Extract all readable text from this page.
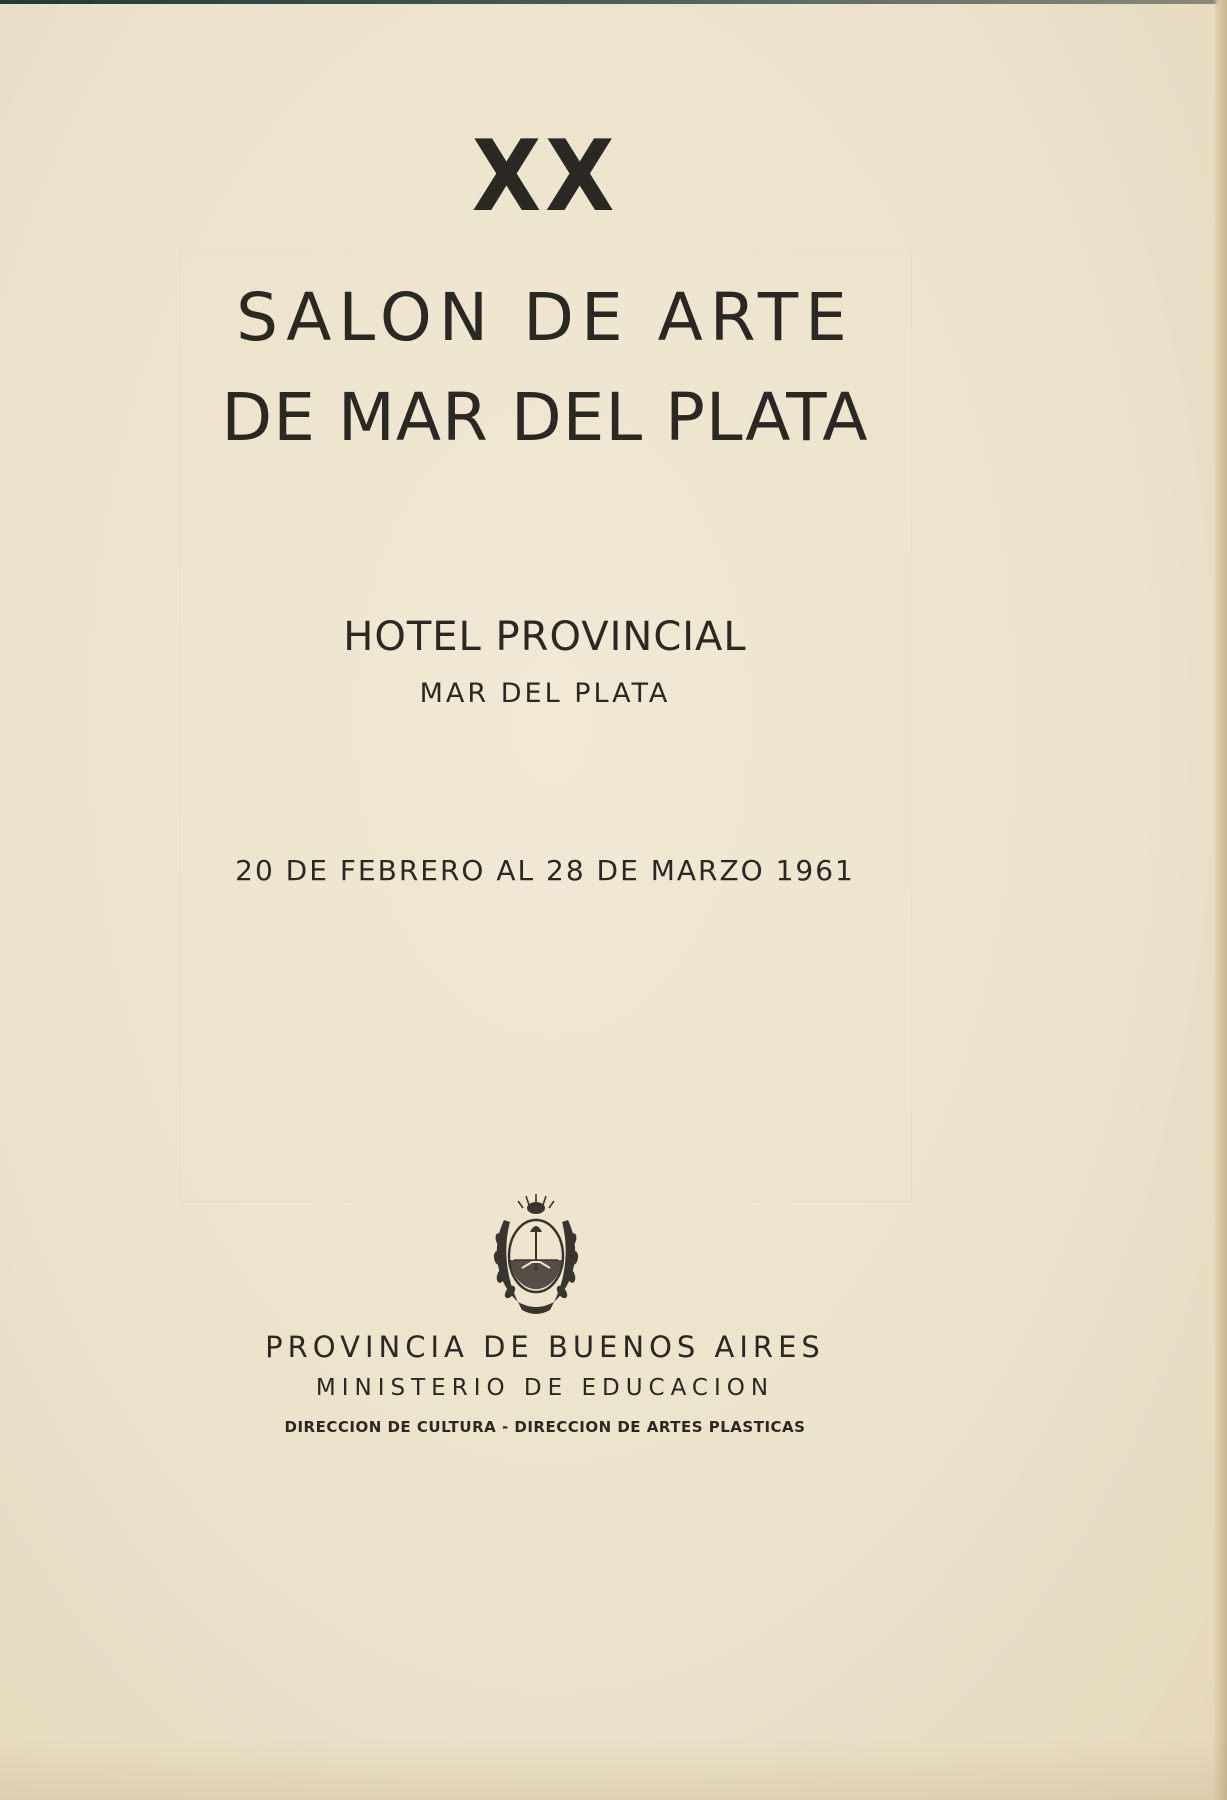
XX
SALON DE ARTE
DE MAR DEL PLATA
HOTEL PROVINCIAL
MAR DEL PLATA
20 DE FEBRERO AL 28 DE MARZO 1961
PROVINCIA DE BUENOS AIRES
MINISTERIO DE EDUCACION
DIRECCION DE CULTURA - DIRECCION DE ARTES PLASTICAS
